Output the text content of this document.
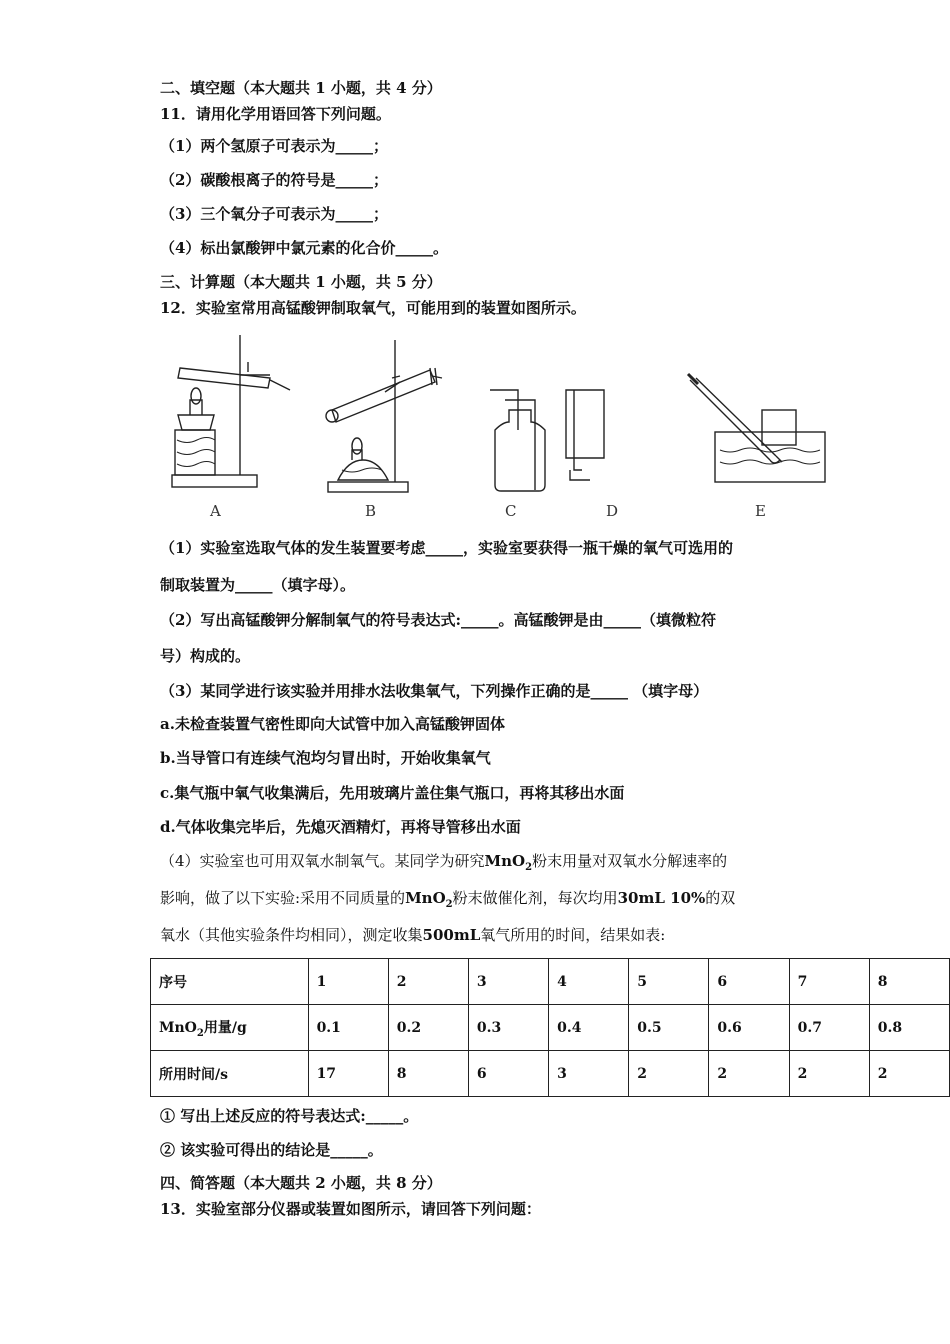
二、填空题（本大题共 1 小题，共 4 分）
11．请用化学用语回答下列问题。
（1）两个氢原子可表示为_____；
（2）碳酸根离子的符号是_____；
（3）三个氧分子可表示为_____；
（4）标出氯酸钾中氯元素的化合价_____。
三、计算题（本大题共 1 小题，共 5 分）
12．实验室常用高锰酸钾制取氧气，可能用到的装置如图所示。
A	B	C	D	E
（1）实验室选取气体的发生装置要考虑_____，实验室要获得一瓶干燥的氧气可选用的
制取装置为_____（填字母）。
（2）写出高锰酸钾分解制氧气的符号表达式:_____。高锰酸钾是由_____（填微粒符
号）构成的。
（3）某同学进行该实验并用排水法收集氧气，下列操作正确的是_____ （填字母）
a.未检查装置气密性即向大试管中加入高锰酸钾固体
b.当导管口有连续气泡均匀冒出时，开始收集氧气
c.集气瓶中氧气收集满后，先用玻璃片盖住集气瓶口，再将其移出水面
d.气体收集完毕后，先熄灭酒精灯，再将导管移出水面
（4）实验室也可用双氧水制氧气。某同学为研究MnO$_2$粉末用量对双氧水分解速率的
影响，做了以下实验:采用不同质量的MnO$_2$粉末做催化剂，每次均用30mL 10%的双
氧水（其他实验条件均相同），测定收集500mL氧气所用的时间，结果如表:
序号	1	2	3	4	5	6	7	8
MnO$_2$用量/g	0.1	0.2	0.3	0.4	0.5	0.6	0.7	0.8
所用时间/s	17	8	6	3	2	2	2	2
① 写出上述反应的符号表达式:_____。
② 该实验可得出的结论是_____。
四、简答题（本大题共 2 小题，共 8 分）
13．实验室部分仪器或装置如图所示，请回答下列问题：
